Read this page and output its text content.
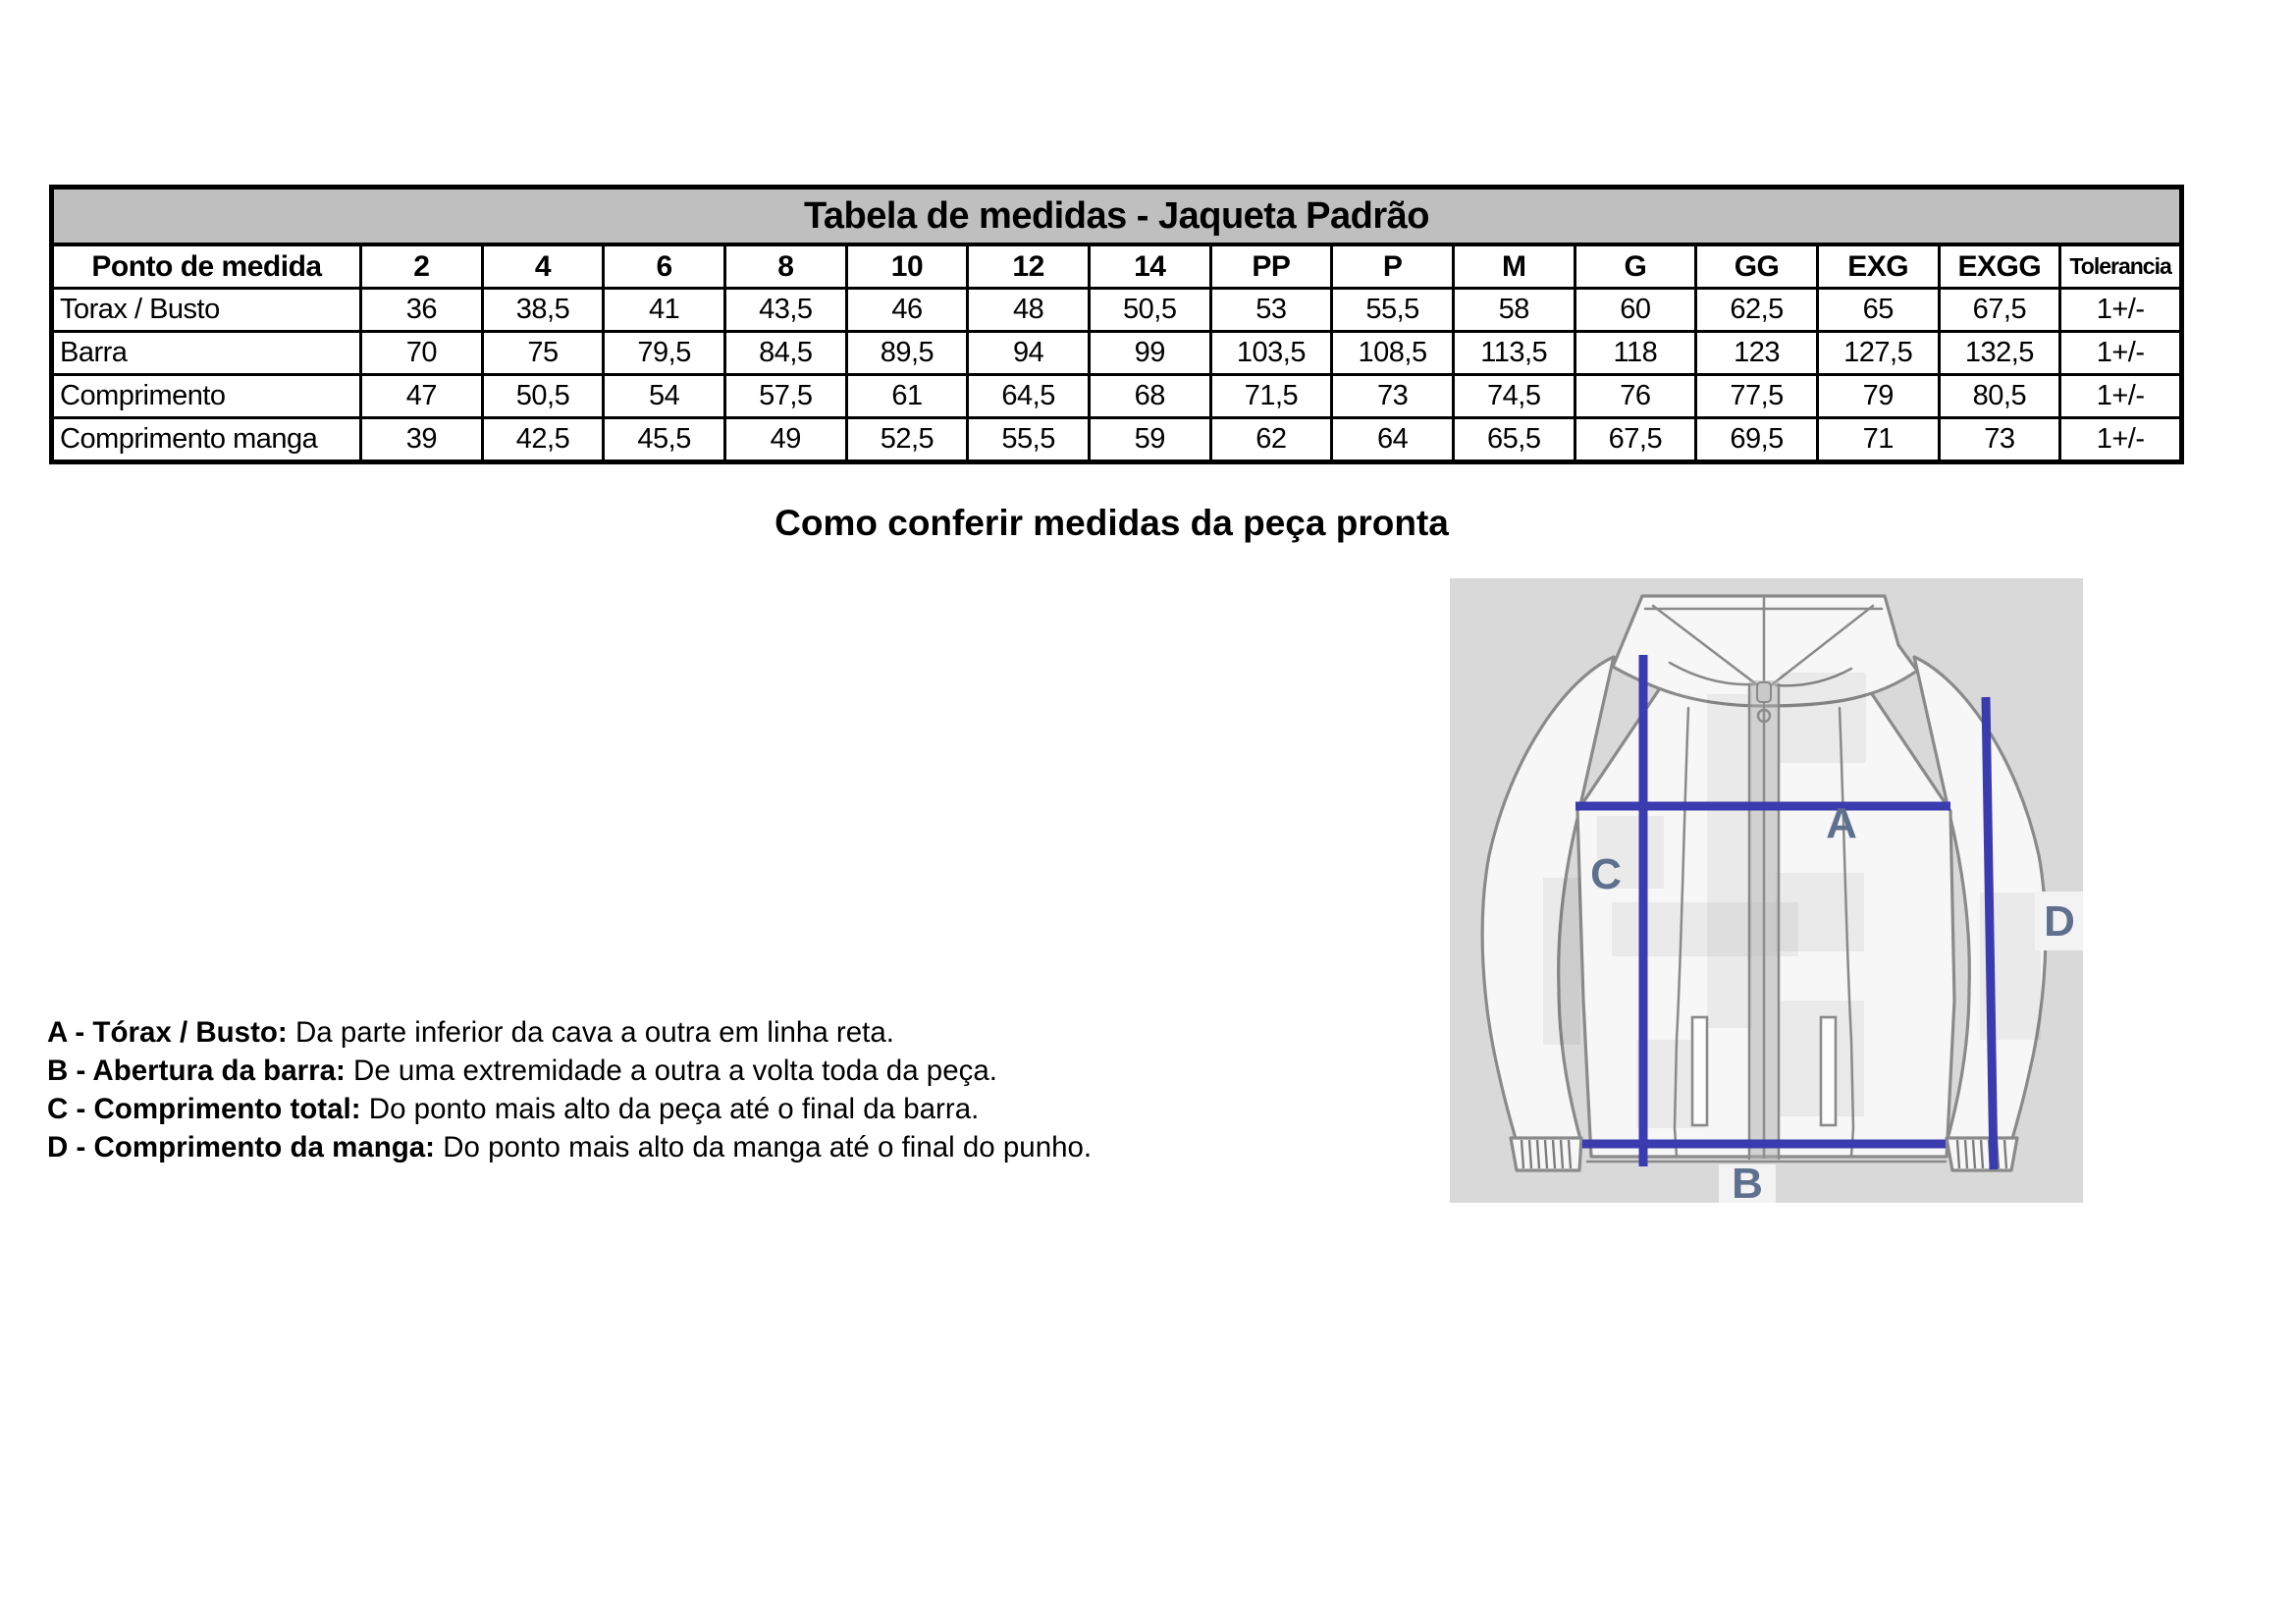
Tabela de medidas - Jaqueta Padrão															
Ponto de medida	2	4	6	8	10	12	14	PP	P	M	G	GG	EXG	EXGG	Tolerancia
Torax / Busto	36	38,5	41	43,5	46	48	50,5	53	55,5	58	60	62,5	65	67,5	1+/-
Barra	70	75	79,5	84,5	89,5	94	99	103,5	108,5	113,5	118	123	127,5	132,5	1+/-
Comprimento	47	50,5	54	57,5	61	64,5	68	71,5	73	74,5	76	77,5	79	80,5	1+/-
Comprimento manga	39	42,5	45,5	49	52,5	55,5	59	62	64	65,5	67,5	69,5	71	73	1+/-
Como conferir medidas da peça pronta
A - Tórax / Busto: Da parte inferior da cava a outra em linha reta.
B - Abertura da barra: De uma extremidade a outra a volta toda da peça.
C - Comprimento total: Do ponto mais alto da peça até o final da barra.
D - Comprimento da manga: Do ponto mais alto da manga até o final do punho.
A
B
C
D
